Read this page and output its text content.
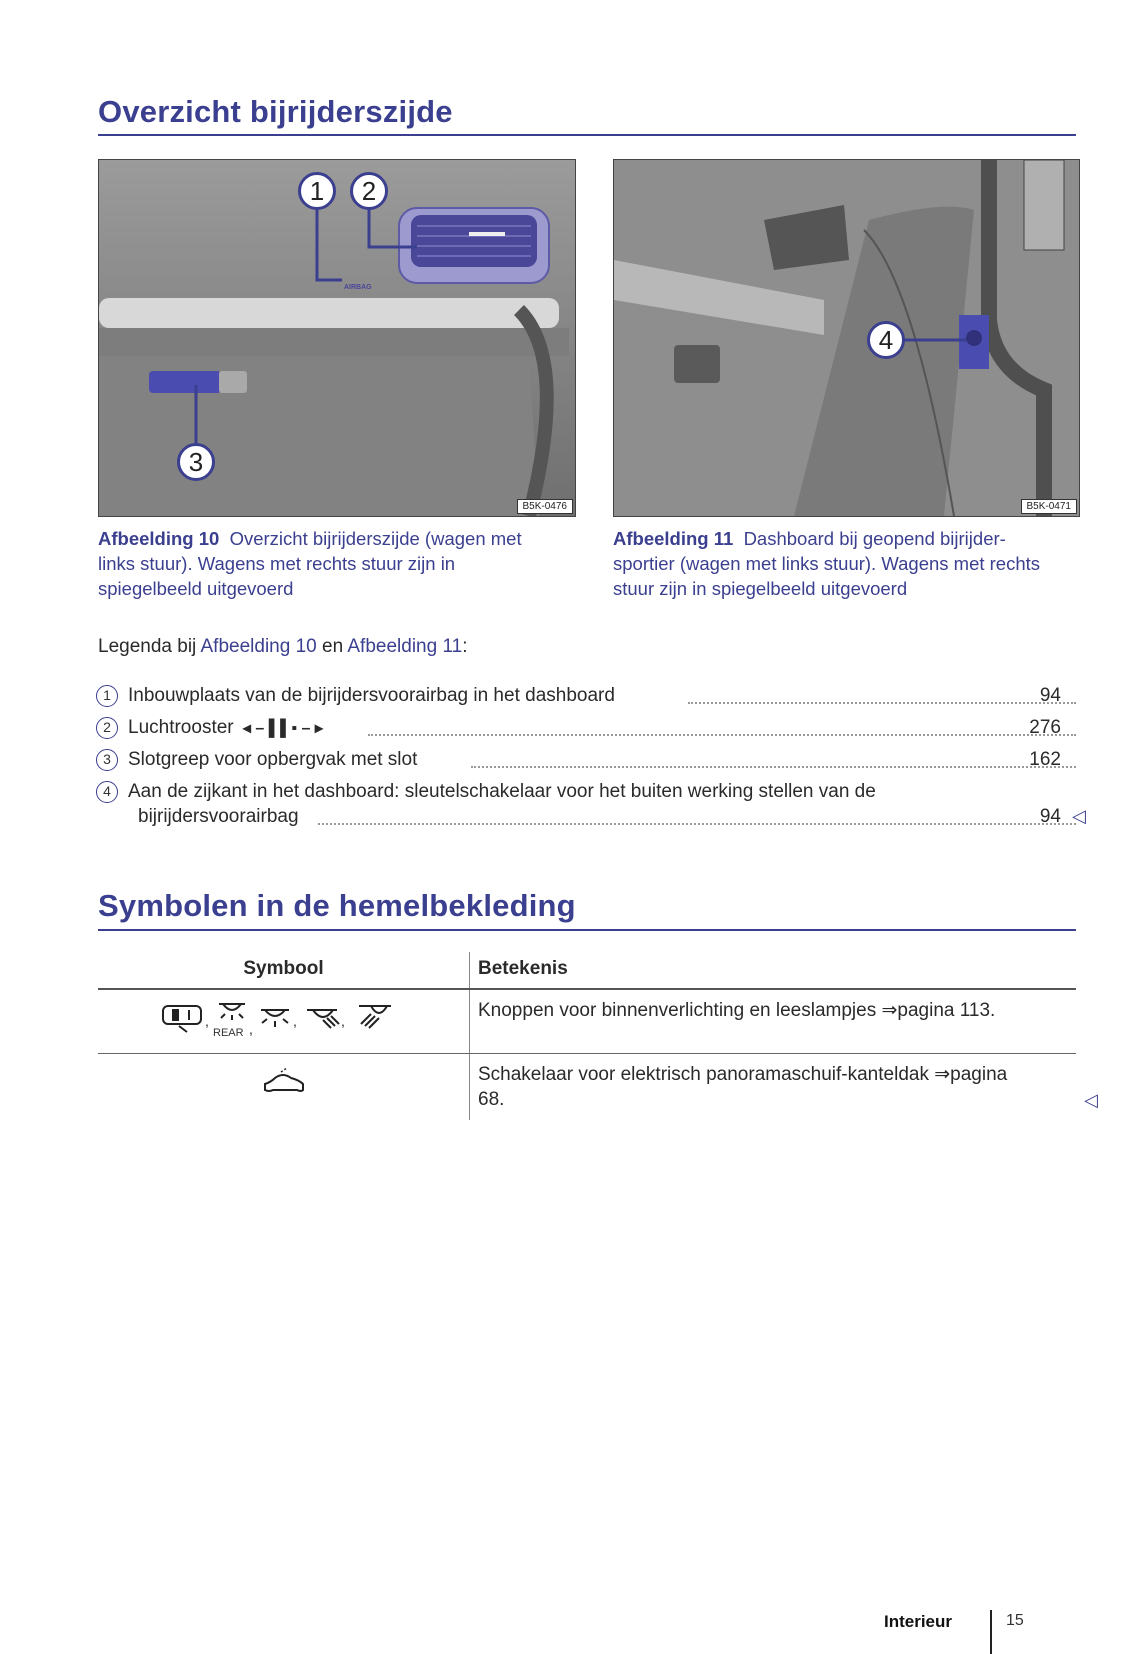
Overzicht bijrijderszijde
AIRBAG
1	2
3
B5K-0476
4
B5K-0471
Afbeelding 10 Overzicht bijrijderszijde (wagen met links stuur). Wagens met rechts stuur zijn in spiegelbeeld uitgevoerd
Afbeelding 11 Dashboard bij geopend bijrijder-sportier (wagen met links stuur). Wagens met rechts stuur zijn in spiegelbeeld uitgevoerd
Legenda bij Afbeelding 10 en Afbeelding 11:
1 Inbouwplaats van de bijrijdersvoorairbag in het dashboard	94
2 Luchtrooster ◂ – ▌▌▪ – ▸	276
3 Slotgreep voor opbergvak met slot	162
4 Aan de zijkant in het dashboard: sleutelschakelaar voor het buiten werking stellen van de
bijrijdersvoorairbag	94 ◁
Symbolen in de hemelbekleding
Symbool	Betekenis

,
REAR , , ,	Knoppen voor binnenverlichting en leeslampjes ⇒pagina 113.

Schakelaar voor elektrisch panoramaschuif-kanteldak ⇒pagina
68. ◁
Interieur	15
